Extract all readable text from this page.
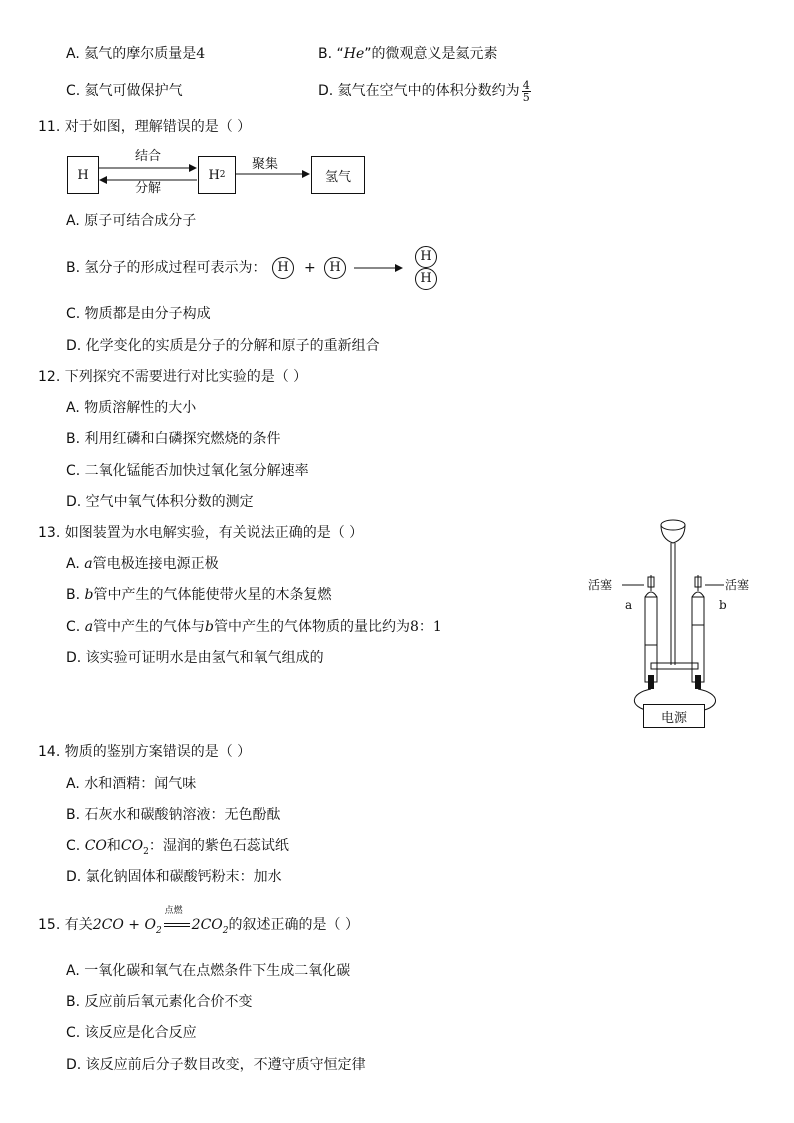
A. 氦气的摩尔质量是4	B. “He”的微观意义是氦元素
C. 氦气可做保护气	D. 氦气在空气中的体积分数约为 $\frac{4}{5}$
11. 对于如图，理解错误的是（ ）
H	H 2	氢气
结合
分解
聚集
A. 原子可结合成分子
B. 氢分子的形成过程可表示为： H	+	H
H
H
C. 物质都是由分子构成
D. 化学变化的实质是分子的分解和原子的重新组合
12. 下列探究不需要进行对比实验的是（ ）
A. 物质溶解性的大小
B. 利用红磷和白磷探究燃烧的条件
C. 二氧化锰能否加快过氧化氢分解速率
D. 空气中氧气体积分数的测定
13. 如图装置为水电解实验，有关说法正确的是（ ）
A. a管电极连接电源正极
B. b管中产生的气体能使带火星的木条复燃
C. a管中产生的气体与b管中产生的气体物质的量比约为8：1
D. 该实验可证明水是由氢气和氧气组成的
活塞	活塞
a	b
电源
14. 物质的鉴别方案错误的是（ ）
A. 水和酒精：闻气味
B. 石灰水和碳酸钠溶液：无色酚酞
C. CO和$CO_2$：湿润的紫色石蕊试纸
D. 氯化钠固体和碳酸钙粉末：加水
15. 有关$2CO + O_2$
点燃
$2CO_2$的叙述正确的是（ ）
A. 一氧化碳和氧气在点燃条件下生成二氧化碳
B. 反应前后氧元素化合价不变
C. 该反应是化合反应
D. 该反应前后分子数目改变，不遵守质守恒定律
